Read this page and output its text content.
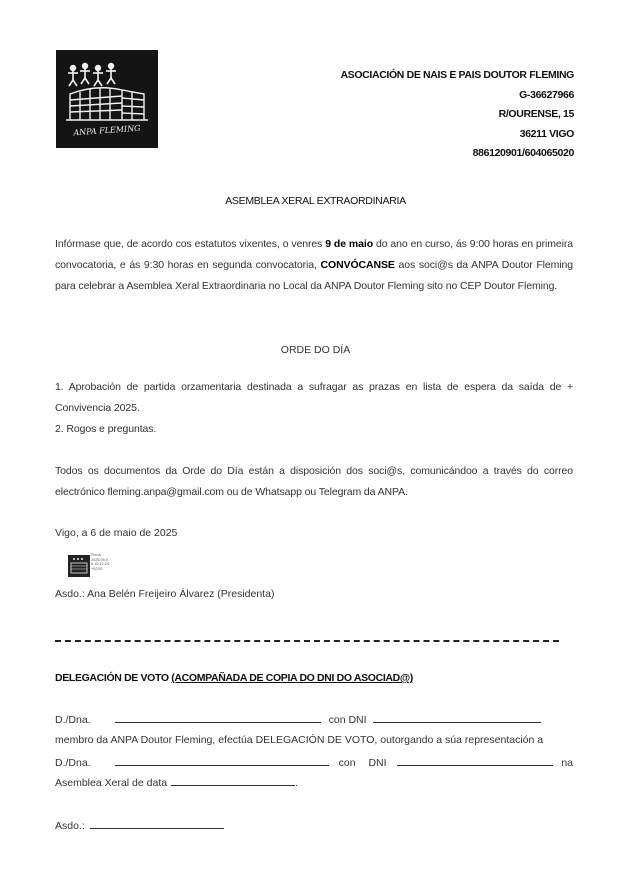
ANPA FLEMING
ASOCIACIÓN DE NAIS E PAIS DOUTOR FLEMING
G-36627966
R/OURENSE, 15
36211 VIGO
886120901/604065020
ASEMBLEA XERAL EXTRAORDINARIA
Infórmase que, de acordo cos estatutos vixentes, o venres 9 de maio do ano en curso, ás 9:00 horas en primeira convocatoria, e ás 9:30 horas en segunda convocatoria, CONVÓCANSE aos soci@s da ANPA Doutor Fleming para celebrar a Asemblea Xeral Extraordinaria no Local da ANPA Doutor Fleming sito no CEP Doutor Fleming.
ORDE DO DÍA
1. Aprobación de partida orzamentaria destinada a sufragar as prazas en lista de espera da saída de + Convivencia 2025.
2. Rogos e preguntas.
Todos os documentos da Orde do Día están a disposición dos soci@s, comunicándoo a través do correo electrónico fleming.anpa@gmail.com ou de Whatsapp ou Telegram da ANPA.
Vigo, a 6 de maio de 2025
Firma
2025.05.0
6 10:12:24
+02'00'
Asdo.: Ana Belén Freijeiro Álvarez (Presidenta)
DELEGACIÓN DE VOTO (ACOMPAÑADA DE COPIA DO DNI DO ASOCIAD@)
D./Dna.	con DNI
membro da ANPA Doutor Fleming, efectúa DELEGACIÓN DE VOTO, outorgando a súa representación a
D./Dna.	con DNI	na
Asemblea Xeral de data	.
Asdo.:
